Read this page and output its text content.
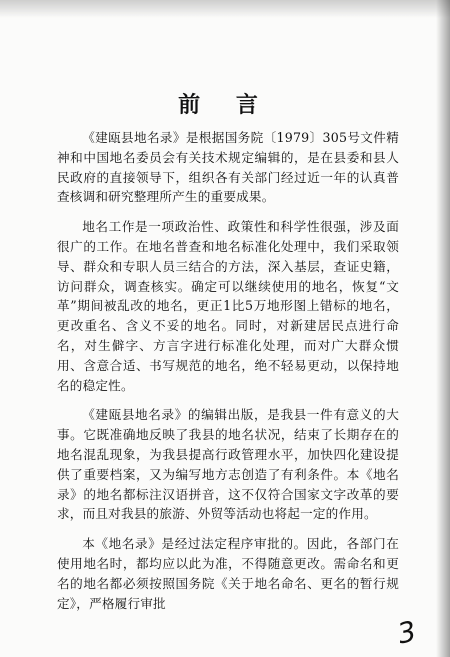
前 言

《建瓯县地名录》是根据国务院〔1979〕305号文件精神和中国地名委员会有关技术规定编辑的，是在县委和县人民政府的直接领导下，组织各有关部门经过近一年的认真普查核调和研究整理所产生的重要成果。

地名工作是一项政治性、政策性和科学性很强，涉及面很广的工作。在地名普查和地名标准化处理中，我们采取领导、群众和专职人员三结合的方法，深入基层，查证史籍，访问群众，调查核实。确定可以继续使用的地名，恢复“文革”期间被乱改的地名，更正1比5万地形图上错标的地名，更改重名、含义不妥的地名。同时，对新建居民点进行命名，对生僻字、方言字进行标准化处理，而对广大群众惯用、含意合适、书写规范的地名，绝不轻易更动，以保持地名的稳定性。

《建瓯县地名录》的编辑出版，是我县一件有意义的大事。它既准确地反映了我县的地名状况，结束了长期存在的地名混乱现象，为我县提高行政管理水平，加快四化建设提供了重要档案，又为编写地方志创造了有利条件。本《地名录》的地名都标注汉语拼音，这不仅符合国家文字改革的要求，而且对我县的旅游、外贸等活动也将起一定的作用。

本《地名录》是经过法定程序审批的。因此，各部门在使用地名时，都均应以此为准，不得随意更改。需命名和更名的地名都必须按照国务院《关于地名命名、更名的暂行规定》，严格履行审批

3
